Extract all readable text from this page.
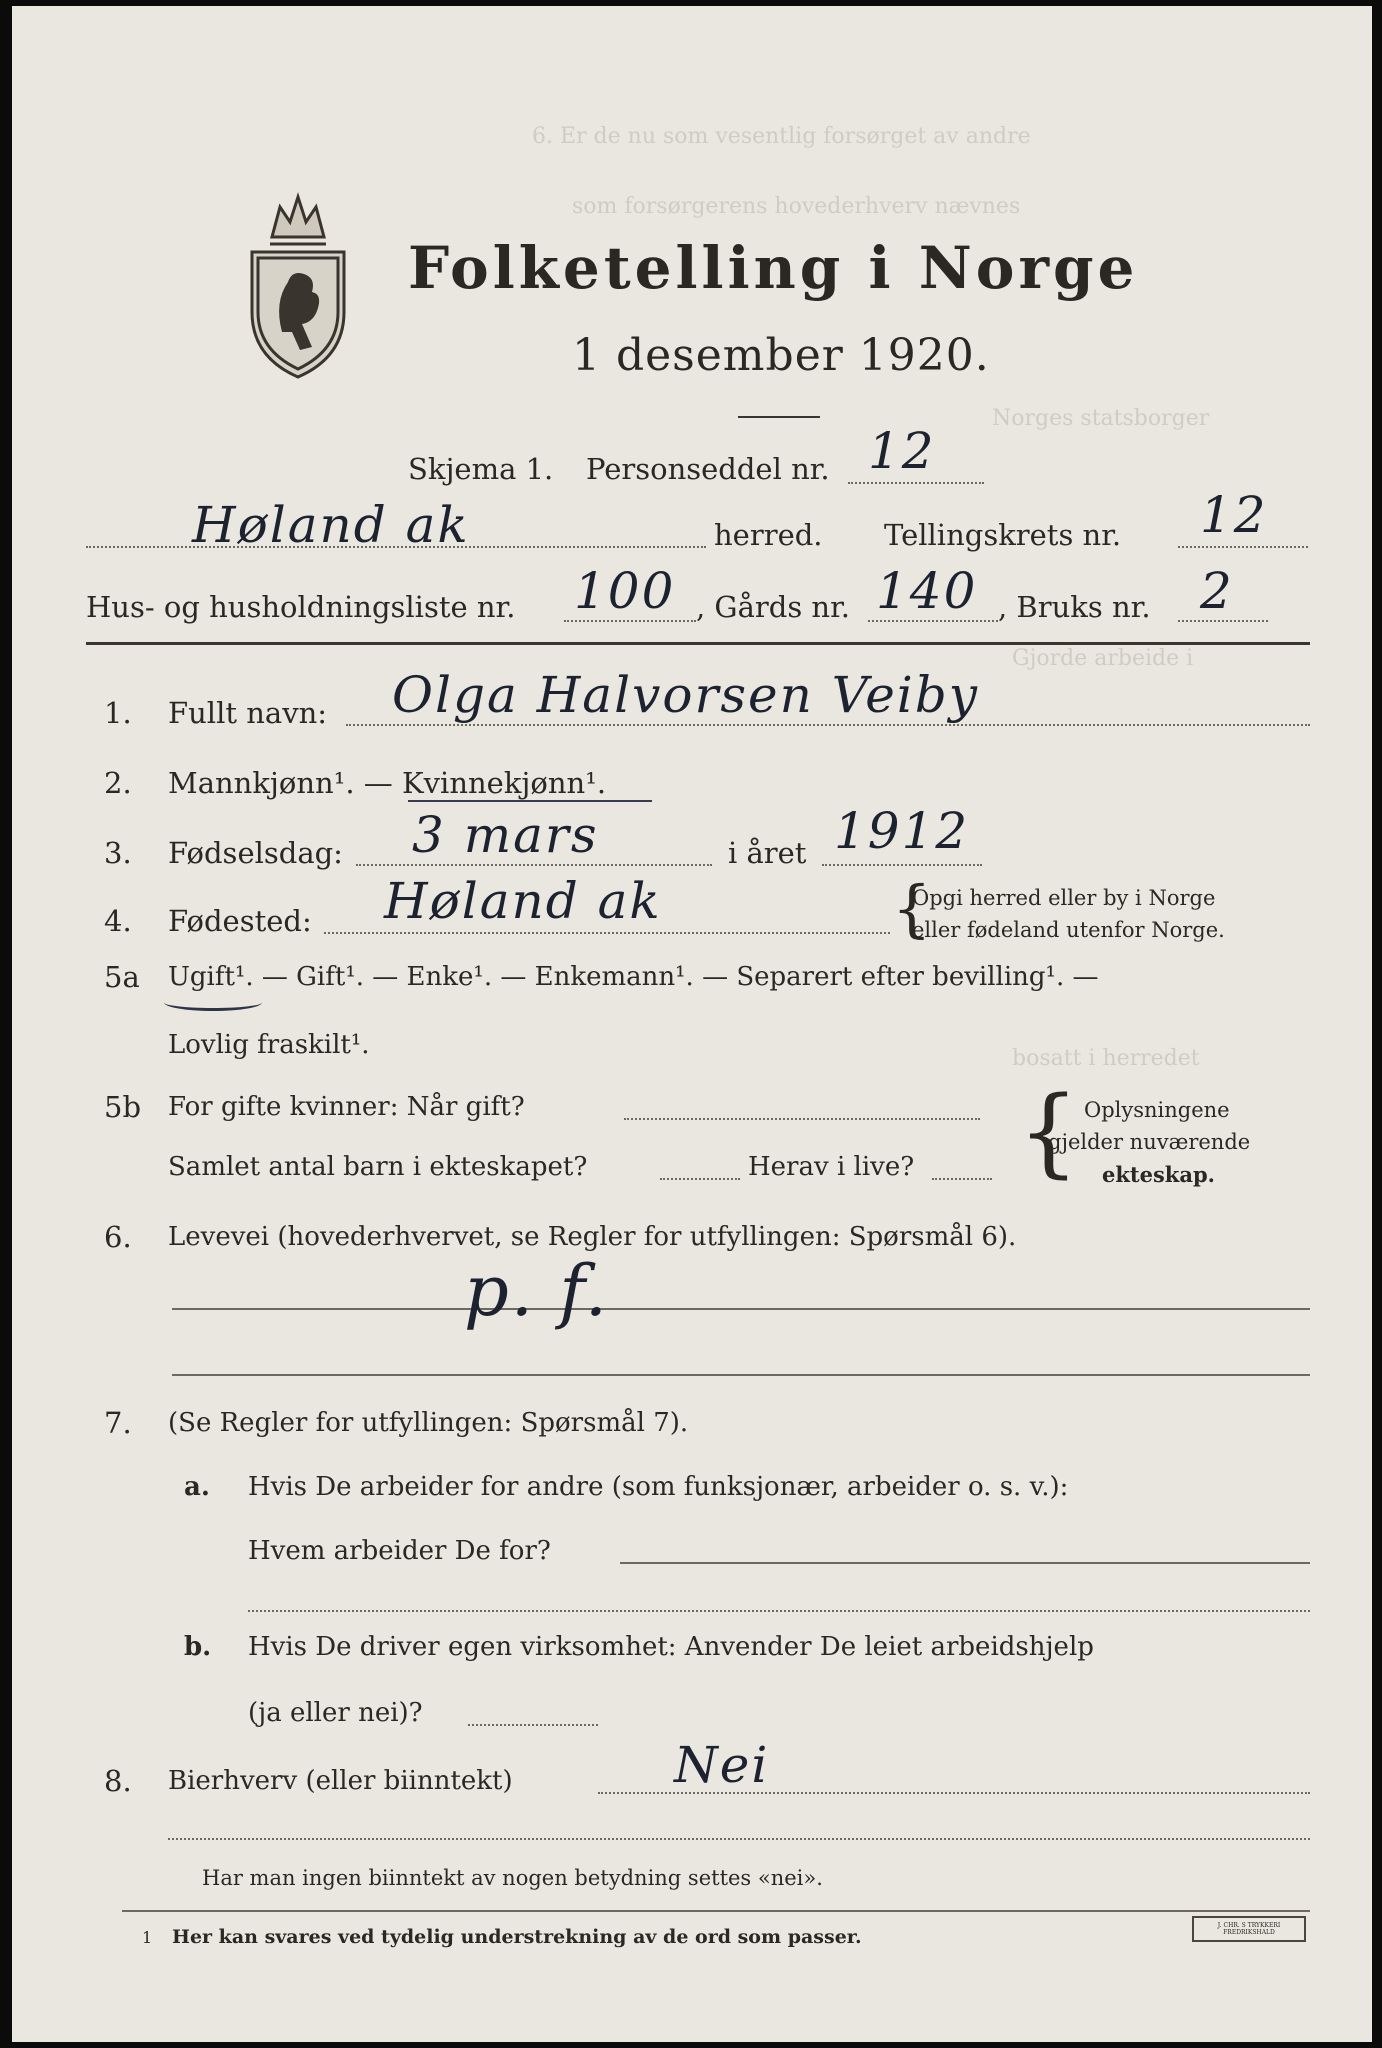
6. Er de nu som vesentlig forsørget av andre
som forsørgerens hovederhverv nævnes
Norges statsborger
Gjorde arbeide i
bosatt i herredet
Folketelling i Norge
1 desember 1920.
Skjema 1. Personseddel nr. 12
Høland ak	herred. Tellingskrets nr. 12
Hus- og husholdningsliste nr. 100 , Gårds nr. 140 , Bruks nr. 2
1. Fullt navn: Olga Halvorsen Veiby
2. Mannkjønn¹. — Kvinnekjønn¹.
3. Fødselsdag: 3 mars	i året 1912
4. Fødested: Høland ak	{
Opgi herred eller by i Norge
eller fødeland utenfor Norge.
5a Ugift¹. — Gift¹. — Enke¹. — Enkemann¹. — Separert efter bevilling¹. —
Lovlig fraskilt¹.
5b For gifte kvinner: Når gift?
Samlet antal barn i ekteskapet?	Herav i live? { Oplysningene
gjelder nuværende
ekteskap.
6. Levevei (hovederhvervet, se Regler for utfyllingen: Spørsmål 6).
p. f.
7. (Se Regler for utfyllingen: Spørsmål 7).
a. Hvis De arbeider for andre (som funksjonær, arbeider o. s. v.):
Hvem arbeider De for?
b. Hvis De driver egen virksomhet: Anvender De leiet arbeidshjelp
(ja eller nei)?
8. Bierhverv (eller biinntekt)	Nei
Har man ingen biinntekt av nogen betydning settes «nei».
1 Her kan svares ved tydelig understrekning av de ord som passer.
J. CHR. S TRYKKERI FREDRIKSHALD
